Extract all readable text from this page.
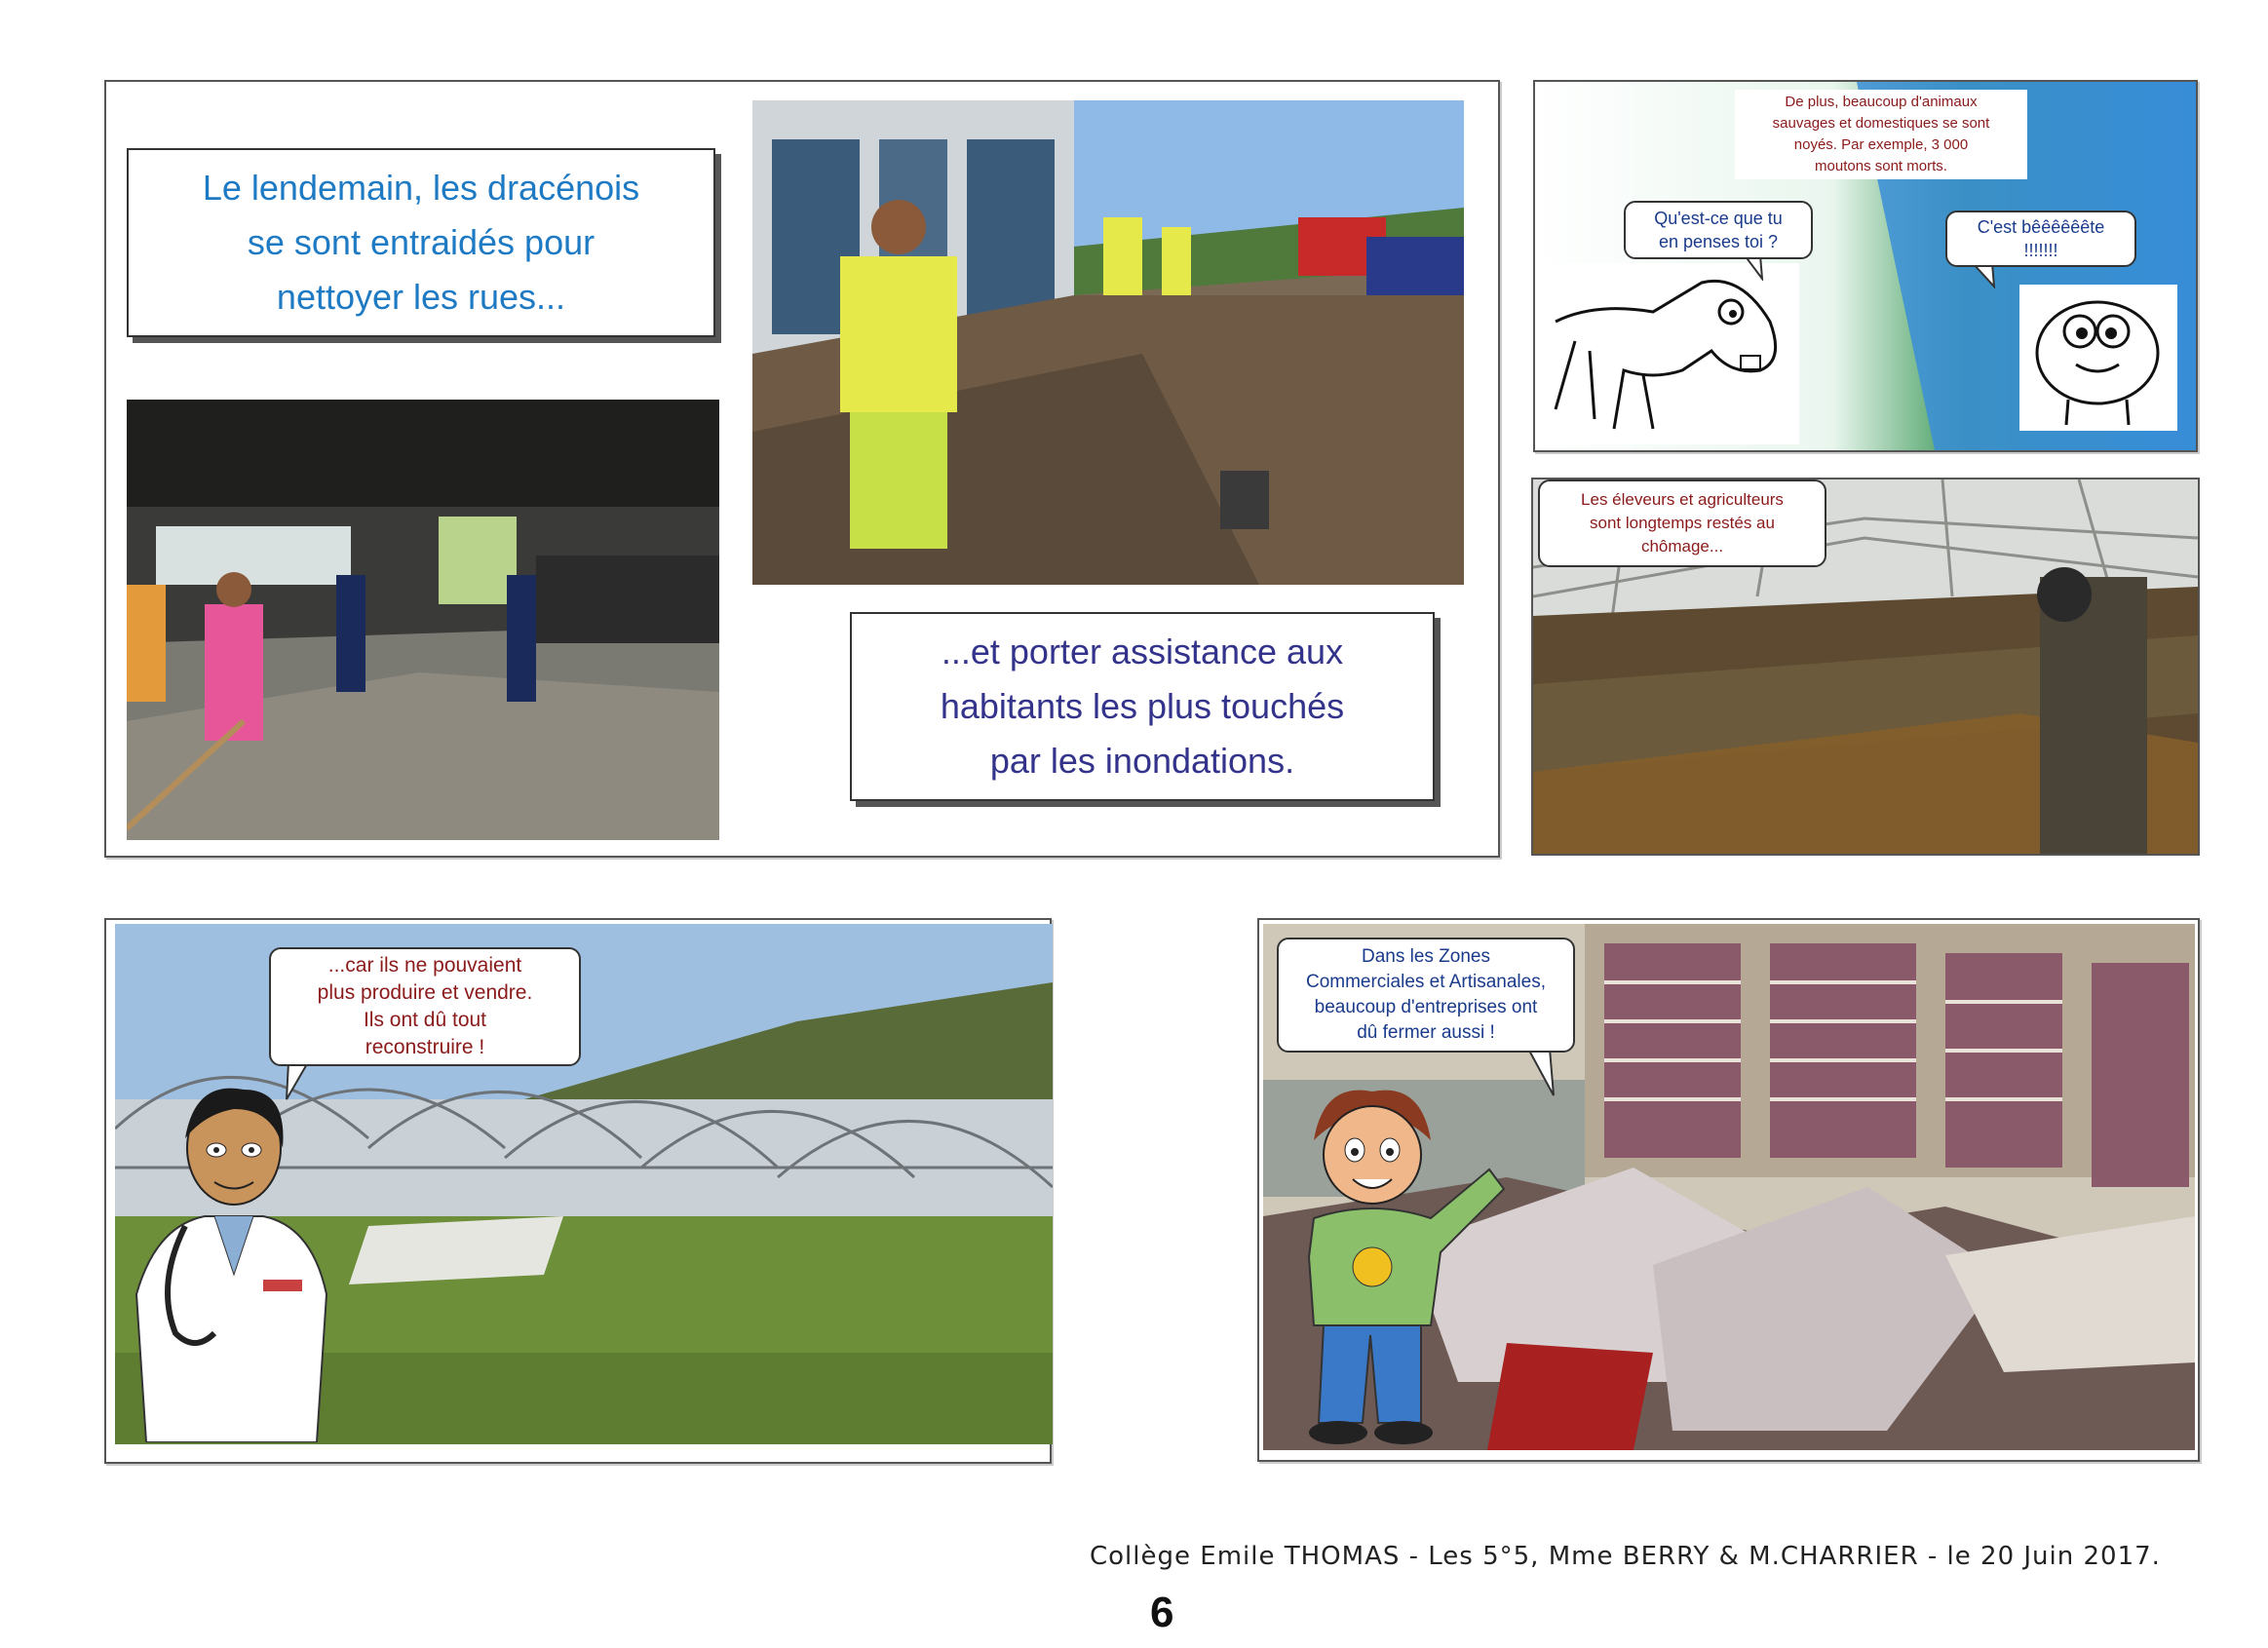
Le lendemain, les dracénois
se sont entraidés pour
nettoyer les rues...
...et porter assistance aux
habitants les plus touchés
par les inondations.
De plus, beaucoup d'animaux
sauvages et domestiques se sont
noyés. Par exemple, 3 000
moutons sont morts.
Qu'est-ce que tu
en penses toi ?
C'est bêêêêêête
!!!!!!!
Les éleveurs et agriculteurs
sont longtemps restés au
chômage...
...car ils ne pouvaient
plus produire et vendre.
Ils ont dû tout
reconstruire !
Dans les Zones
Commerciales et Artisanales,
beaucoup d'entreprises ont
dû fermer aussi !
Collège Emile THOMAS - Les 5°5, Mme BERRY & M.CHARRIER - le 20 Juin 2017.
6
